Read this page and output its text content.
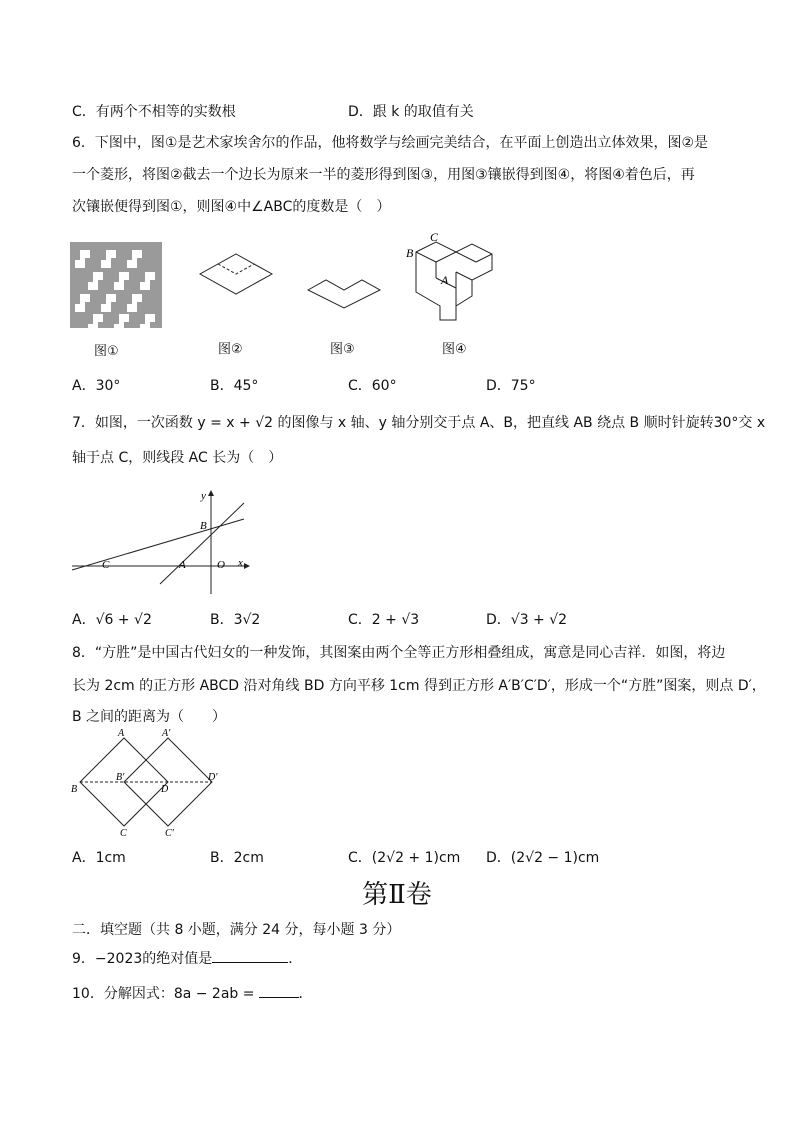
C．有两个不相等的实数根	D．跟 k 的取值有关
6．下图中，图①是艺术家埃舍尔的作品，他将数学与绘画完美结合，在平面上创造出立体效果，图②是
一个菱形，将图②截去一个边长为原来一半的菱形得到图③，用图③镶嵌得到图④，将图④着色后，再
次镶嵌便得到图①，则图④中∠ABC的度数是（　）
C
B
A
图①	图②	图③	图④
A．30°	B．45°	C．60°	D．75°
7．如图，一次函数 y = x + √2 的图像与 x 轴、y 轴分别交于点 A、B，把直线 AB 绕点 B 顺时针旋转30°交 x
轴于点 C，则线段 AC 长为（　）
y
x
B
C	A	O
A．√6 + √2	B．3√2	C．2 + √3	D．√3 + √2
8．“方胜”是中国古代妇女的一种发饰，其图案由两个全等正方形相叠组成，寓意是同心吉祥．如图，将边
长为 2cm 的正方形 ABCD 沿对角线 BD 方向平移 1cm 得到正方形 A′B′C′D′，形成一个“方胜”图案，则点 D′，
B 之间的距离为（　　）
A	A′
B
B′
D
D′
C	C′
A．1cm	B．2cm	C．(2√2 + 1)cm D．(2√2 − 1)cm
第Ⅱ卷
二．填空题（共 8 小题，满分 24 分，每小题 3 分）
9．−2023的绝对值是	．
10．分解因式：8a − 2ab =	．
